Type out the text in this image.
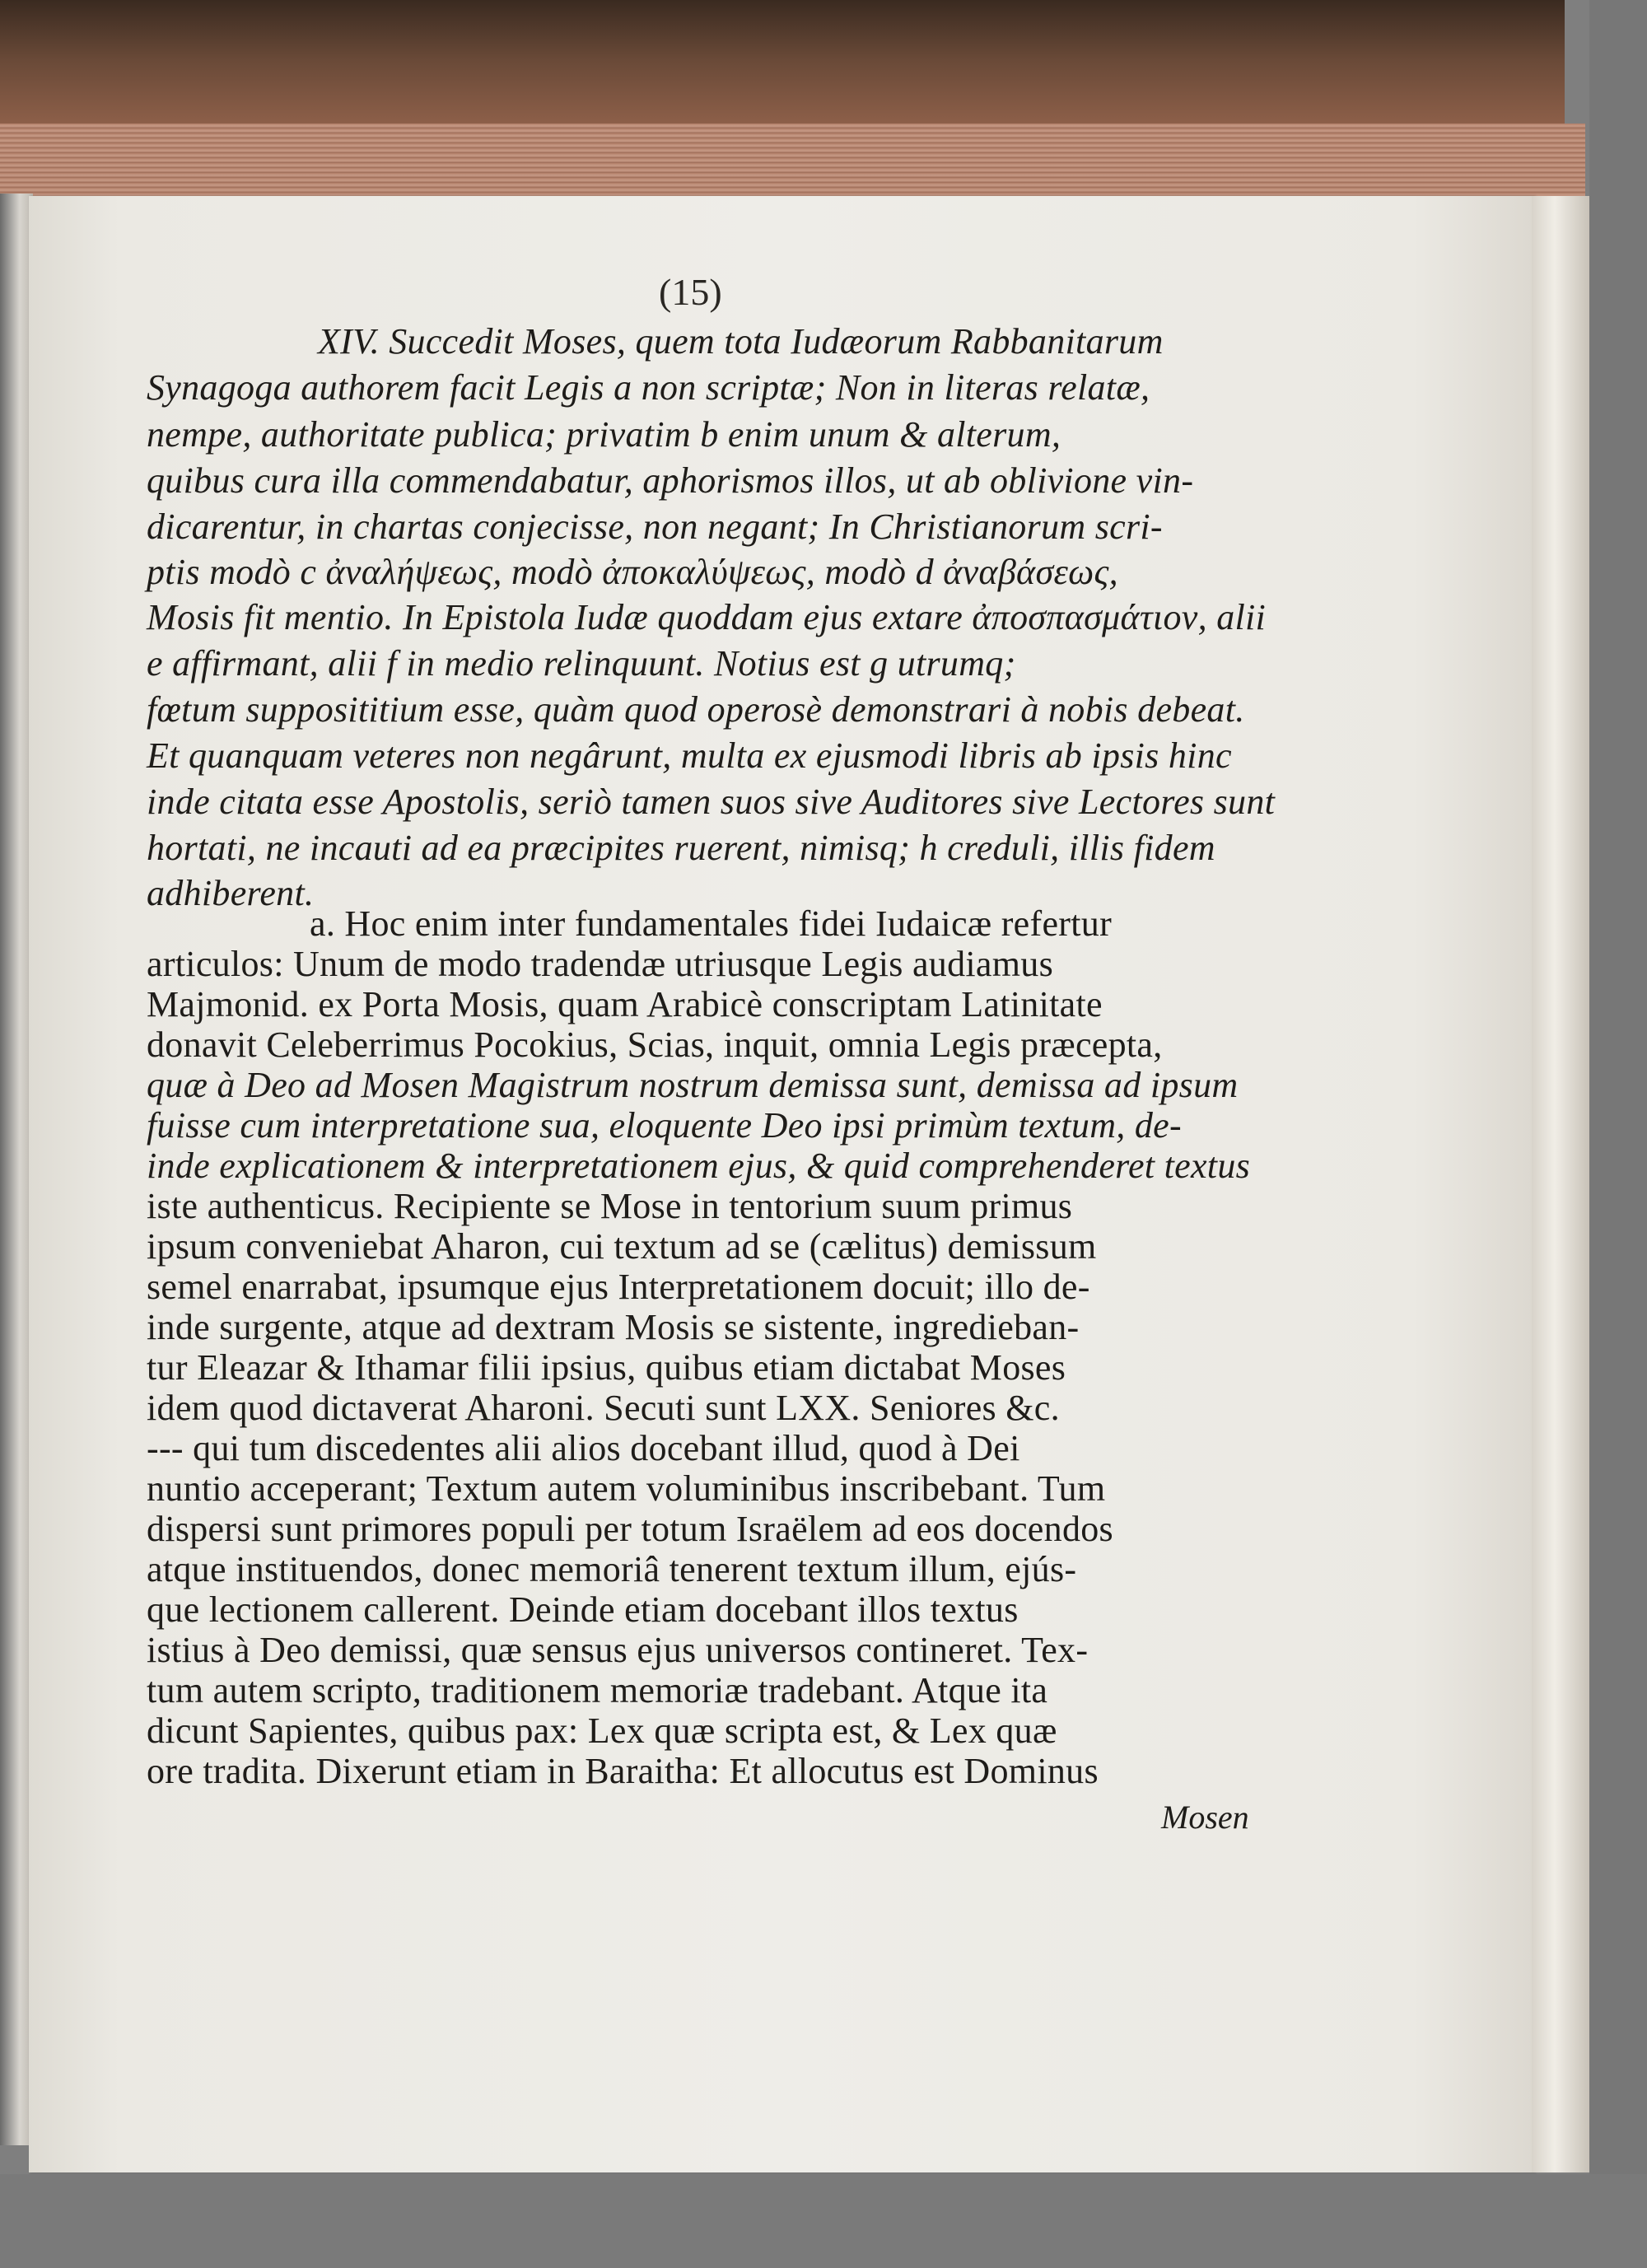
(15)
XIV. Succedit Moses, quem tota Iudæorum Rabbanitarum
Synagoga authorem facit Legis a non scriptæ; Non in literas relatæ,
nempe, authoritate publica; privatim b enim unum & alterum,
quibus cura illa commendabatur, aphorismos illos, ut ab oblivione vin-
dicarentur, in chartas conjecisse, non negant; In Christianorum scri-
ptis modò c ἀναλήψεως, modò ἀποκαλύψεως, modò d ἀναβάσεως,
Mosis fit mentio. In Epistola Iudæ quoddam ejus extare ἀποσπασμάτιον, alii
e affirmant, alii f in medio relinquunt. Notius est g utrumq;
fœtum supposititium esse, quàm quod operosè demonstrari à nobis debeat.
Et quanquam veteres non negârunt, multa ex ejusmodi libris ab ipsis hinc
inde citata esse Apostolis, seriò tamen suos sive Auditores sive Lectores sunt
hortati, ne incauti ad ea præcipites ruerent, nimisq; h creduli, illis fidem
adhiberent.
a. Hoc enim inter fundamentales fidei Iudaicæ refertur
articulos: Unum de modo tradendæ utriusque Legis audiamus
Majmonid. ex Porta Mosis, quam Arabicè conscriptam Latinitate
donavit Celeberrimus Pocokius, Scias, inquit, omnia Legis præcepta,
quæ à Deo ad Mosen Magistrum nostrum demissa sunt, demissa ad ipsum
fuisse cum interpretatione sua, eloquente Deo ipsi primùm textum, de-
inde explicationem & interpretationem ejus, & quid comprehenderet textus
iste authenticus. Recipiente se Mose in tentorium suum primus
ipsum conveniebat Aharon, cui textum ad se (cælitus) demissum
semel enarrabat, ipsumque ejus Interpretationem docuit; illo de-
inde surgente, atque ad dextram Mosis se sistente, ingredieban-
tur Eleazar & Ithamar filii ipsius, quibus etiam dictabat Moses
idem quod dictaverat Aharoni. Secuti sunt LXX. Seniores &c.
--- qui tum discedentes alii alios docebant illud, quod à Dei
nuntio acceperant; Textum autem voluminibus inscribebant. Tum
dispersi sunt primores populi per totum Israëlem ad eos docendos
atque instituendos, donec memoriâ tenerent textum illum, ejús-
que lectionem callerent. Deinde etiam docebant illos textus
istius à Deo demissi, quæ sensus ejus universos contineret. Tex-
tum autem scripto, traditionem memoriæ tradebant. Atque ita
dicunt Sapientes, quibus pax: Lex quæ scripta est, & Lex quæ
ore tradita. Dixerunt etiam in Baraitha: Et allocutus est Dominus
Mosen
